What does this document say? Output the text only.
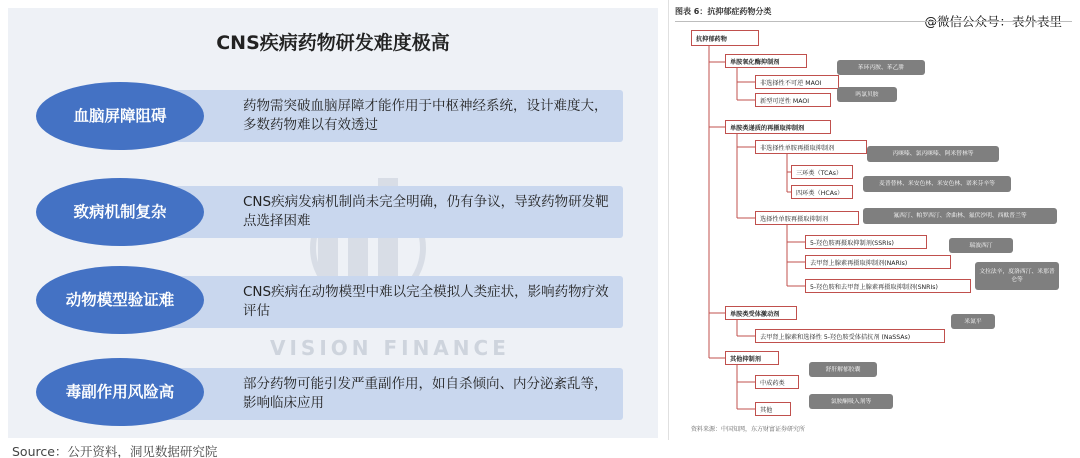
VISION FINANCE
CNS疾病药物研发难度极高
药物需突破血脑屏障才能作用于中枢神经系统，设计难度大，多数药物难以有效透过
血脑屏障阻碍
CNS疾病发病机制尚未完全明确，仍有争议，导致药物研发靶点选择困难
致病机制复杂
CNS疾病在动物模型中难以完全模拟人类症状，影响药物疗效评估
动物模型验证难
部分药物可能引发严重副作用，如自杀倾向、内分泌紊乱等，影响临床应用
毒副作用风险高
Source：公开资料，洞见数据研究院
图表 6：抗抑郁症药物分类
@微信公众号：表外表里
抗抑郁药物
单胺氧化酶抑制剂
非选择性不可逆 MAOI
苯环丙胺、苯乙肼
新型可逆性 MAOI
吗氯贝胺
单胺类递质的再摄取抑制剂
非选择性单胺再摄取抑制剂
丙咪嗪、氯丙咪嗪、阿米替林等
三环类（TCAs）
四环类（HCAs）
麦普替林、米安色林、米安色林、诺米芬辛等
选择性单胺再摄取抑制剂	氟西汀、帕罗西汀、舍曲林、氟伏沙明、西酞普兰等
5-羟色胺再摄取抑制剂(SSRIs)	瑞波西汀
去甲肾上腺素再摄取抑制剂(NARIs)
文拉法辛，度洛西汀、米那普仑等
5-羟色胺和去甲肾上腺素再摄取抑制剂(SNRIs)
单胺类受体激动剂
去甲肾上腺素和选择性 5-羟色胺受体拮抗剂 (NaSSAs)
米氮平
其他抑制剂
中成药类
舒肝解郁胶囊
其他
氯胺酮吸入剂等
资料来源：中国知网，东方财富证券研究所
